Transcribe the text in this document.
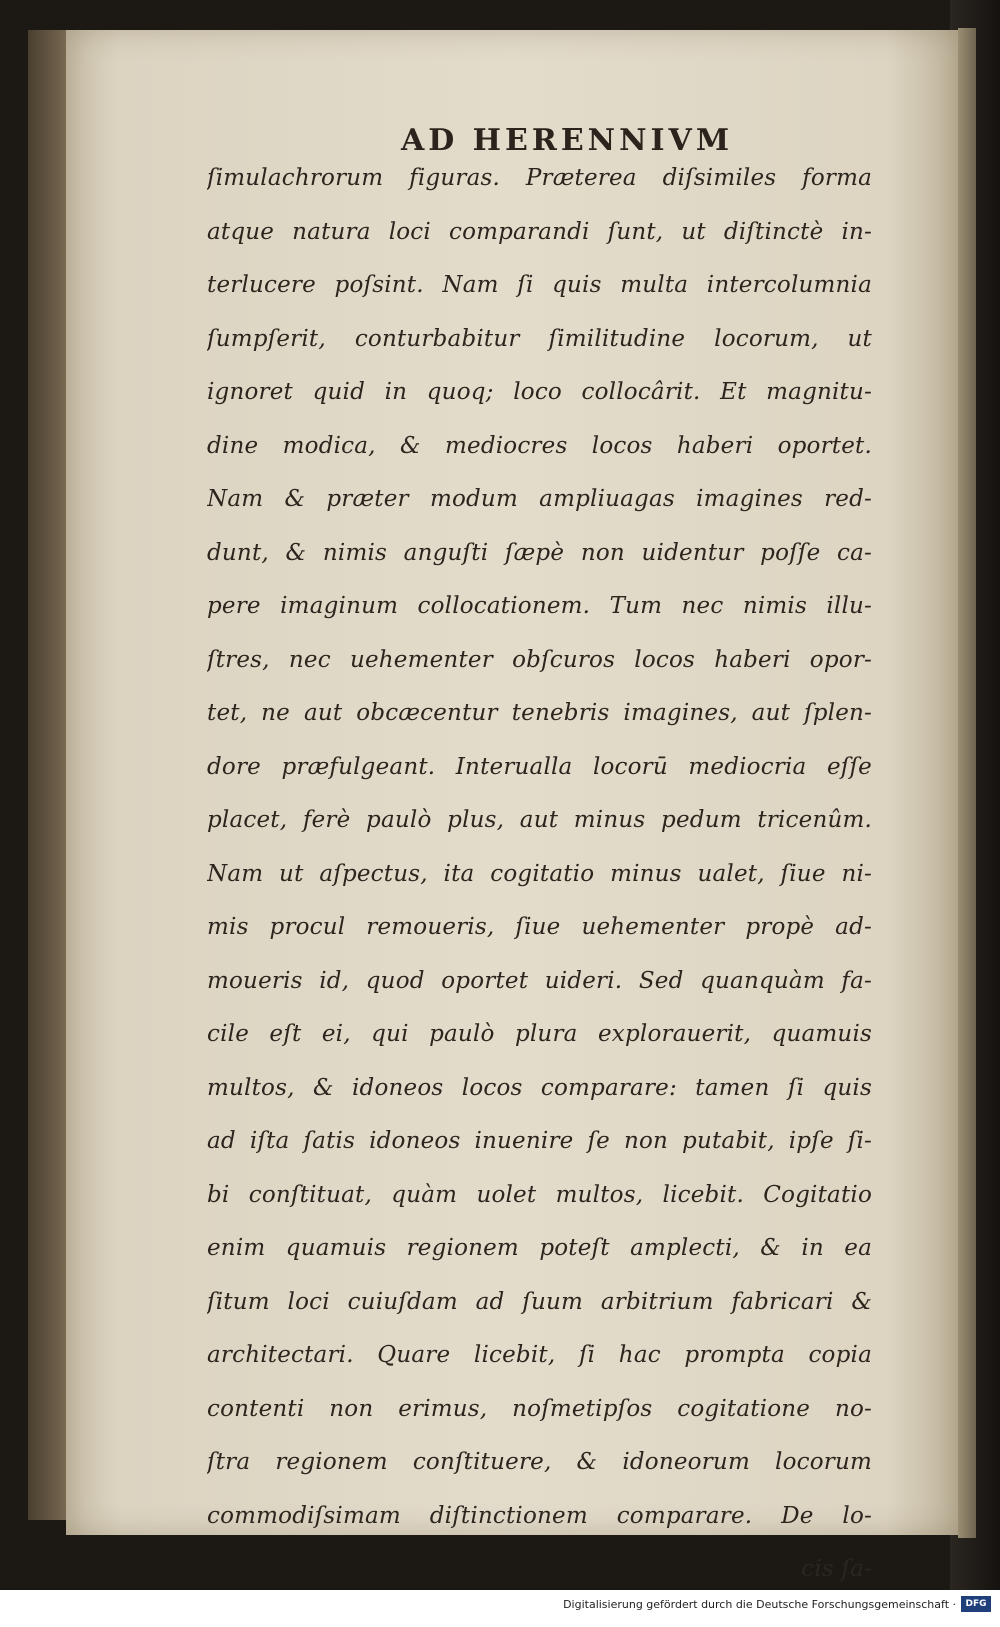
AD HERENNIVM
ſimulachrorum figuras. Præterea diſsimiles forma
atque natura loci comparandi ſunt, ut diſtinctè in-
terlucere poſsint. Nam ſi quis multa intercolumnia
ſumpſerit, conturbabitur ſimilitudine locorum, ut
ignoret quid in quoq; loco collocârit. Et magnitu-
dine modica, & mediocres locos haberi oportet.
Nam & præter modum ampliuagas imagines red-
dunt, & nimis anguſti ſæpè non uidentur poſſe ca-
pere imaginum collocationem. Tum nec nimis illu-
ſtres, nec uehementer obſcuros locos haberi opor-
tet, ne aut obcæcentur tenebris imagines, aut ſplen-
dore præfulgeant. Interualla locorū mediocria eſſe
placet, ferè paulò plus, aut minus pedum tricenûm.
Nam ut aſpectus, ita cogitatio minus ualet, ſiue ni-
mis procul remoueris, ſiue uehementer propè ad-
moueris id, quod oportet uideri. Sed quanquàm fa-
cile eſt ei, qui paulò plura explorauerit, quamuis
multos, & idoneos locos comparare: tamen ſi quis
ad iſta ſatis idoneos inuenire ſe non putabit, ipſe ſi-
bi conſtituat, quàm uolet multos, licebit. Cogitatio
enim quamuis regionem poteſt amplecti, & in ea
ſitum loci cuiuſdam ad ſuum arbitrium fabricari &
architectari. Quare licebit, ſi hac prompta copia
contenti non erimus, noſmetipſos cogitatione no-
ſtra regionem conſtituere, & idoneorum locorum
commodiſsimam diſtinctionem comparare. De lo-
cis ſa-
Digitalisierung gefördert durch die Deutsche Forschungsgemeinschaft ·	DFG
